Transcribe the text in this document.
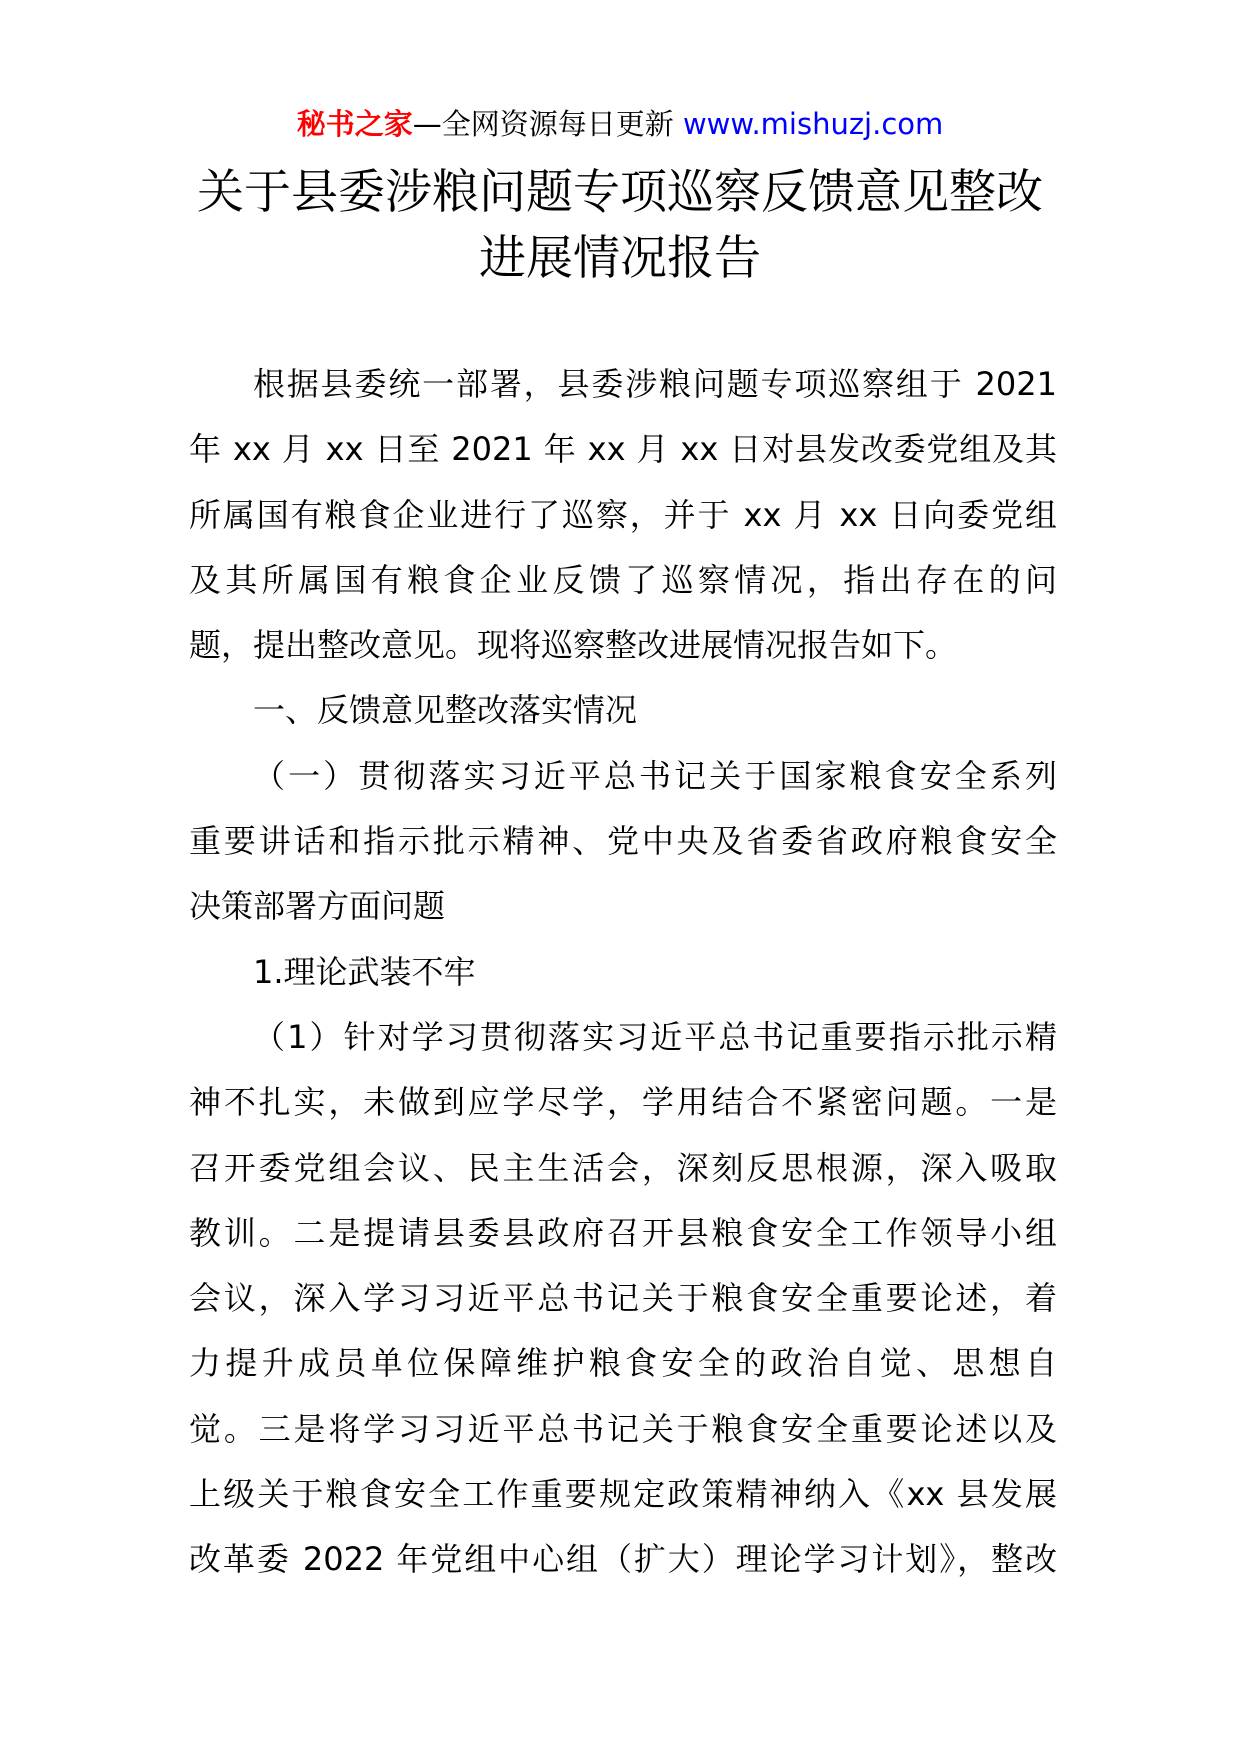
秘书之家—全网资源每日更新 www.mishuzj.com
关于县委涉粮问题专项巡察反馈意见整改
进展情况报告
根据县委统一部署，县委涉粮问题专项巡察组于 2021
年 xx 月 xx 日至 2021 年 xx 月 xx 日对县发改委党组及其
所属国有粮食企业进行了巡察，并于 xx 月 xx 日向委党组
及其所属国有粮食企业反馈了巡察情况，指出存在的问
题，提出整改意见。现将巡察整改进展情况报告如下。
一、反馈意见整改落实情况
（一）贯彻落实习近平总书记关于国家粮食安全系列
重要讲话和指示批示精神、党中央及省委省政府粮食安全
决策部署方面问题
1.理论武装不牢
（1）针对学习贯彻落实习近平总书记重要指示批示精
神不扎实，未做到应学尽学，学用结合不紧密问题。一是
召开委党组会议、民主生活会，深刻反思根源，深入吸取
教训。二是提请县委县政府召开县粮食安全工作领导小组
会议，深入学习习近平总书记关于粮食安全重要论述，着
力提升成员单位保障维护粮食安全的政治自觉、思想自
觉。三是将学习习近平总书记关于粮食安全重要论述以及
上级关于粮食安全工作重要规定政策精神纳入《xx 县发展
改革委 2022 年党组中心组（扩大）理论学习计划》，整改
